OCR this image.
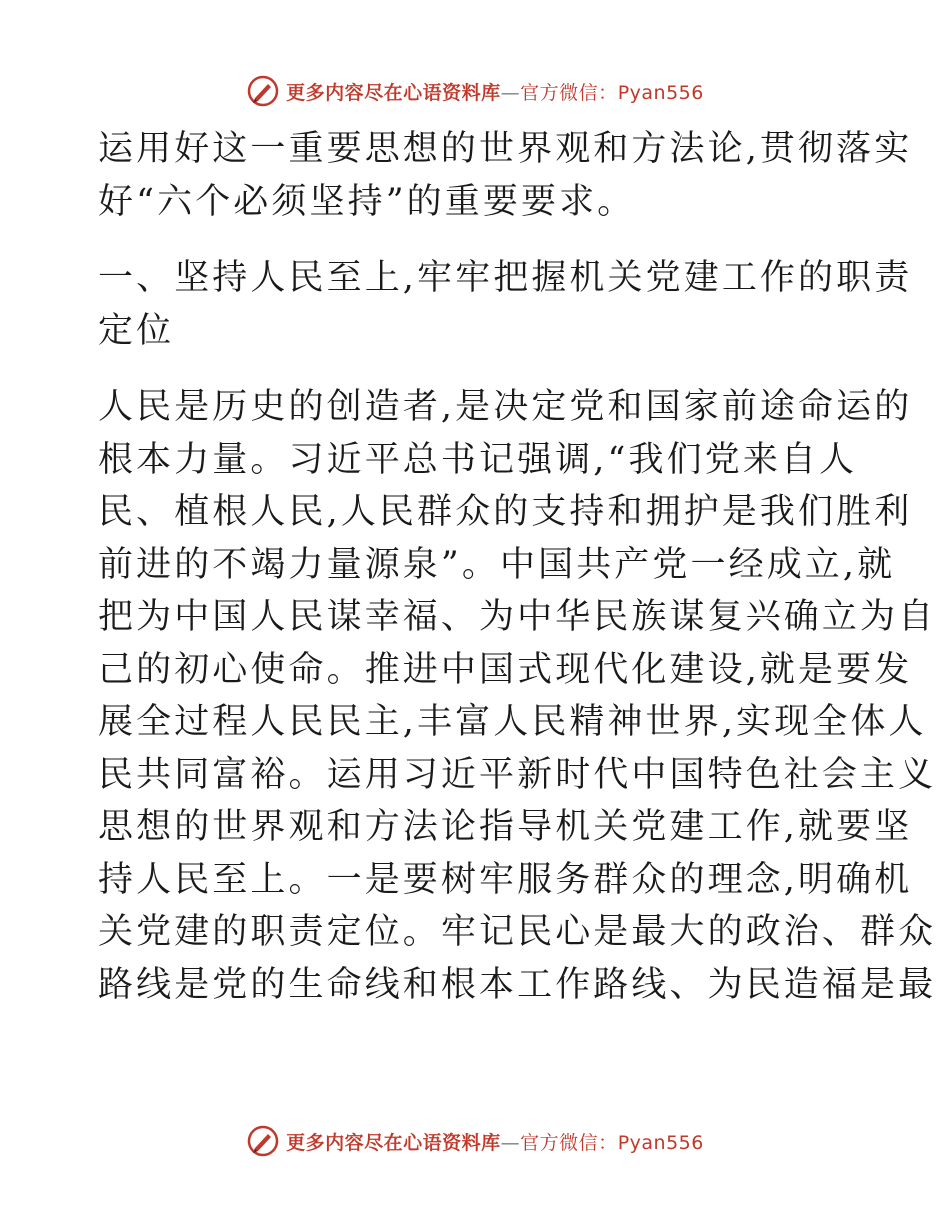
更多内容尽在心语资料库—官方微信：Pyan556
运用好这一重要思想的世界观和方法论,贯彻落实
好“六个必须坚持”的重要要求。
一、坚持人民至上,牢牢把握机关党建工作的职责
定位
人民是历史的创造者,是决定党和国家前途命运的
根本力量。习近平总书记强调,“我们党来自人
民、植根人民,人民群众的支持和拥护是我们胜利
前进的不竭力量源泉”。中国共产党一经成立,就
把为中国人民谋幸福、为中华民族谋复兴确立为自
己的初心使命。推进中国式现代化建设,就是要发
展全过程人民民主,丰富人民精神世界,实现全体人
民共同富裕。运用习近平新时代中国特色社会主义
思想的世界观和方法论指导机关党建工作,就要坚
持人民至上。一是要树牢服务群众的理念,明确机
关党建的职责定位。牢记民心是最大的政治、群众
路线是党的生命线和根本工作路线、为民造福是最
更多内容尽在心语资料库—官方微信：Pyan556
